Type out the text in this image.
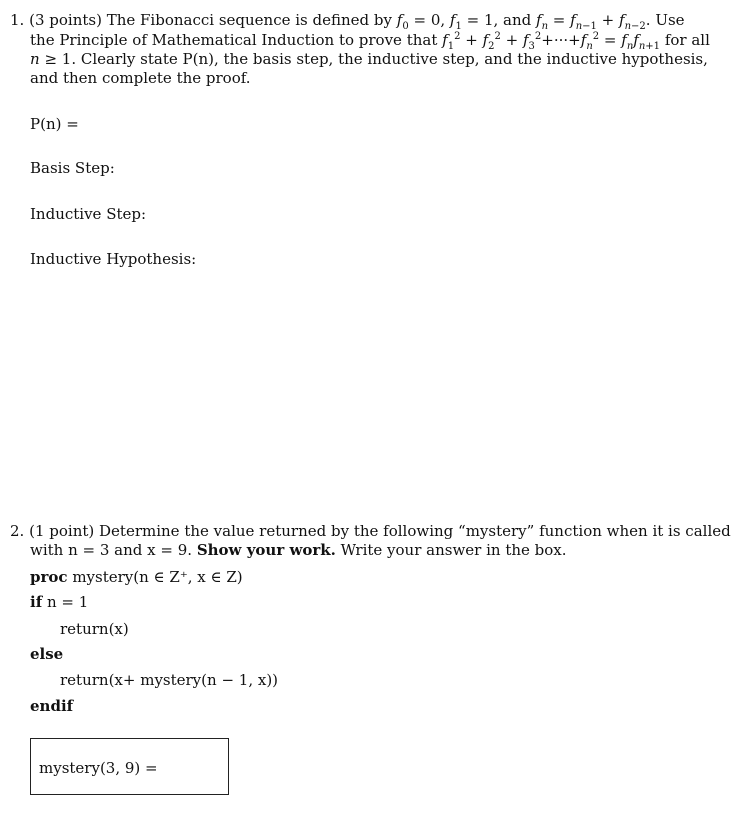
1. (3 points) The Fibonacci sequence is defined by $f_0 = 0$, $f_1 = 1$, and $f_n = f_{n-1} + f_{n-2}$. Use
the Principle of Mathematical Induction to prove that $f_1^2 + f_2^2 + f_3^2+\cdot\cdot\cdot+f_n^2 = f_nf_{n+1}$ for all
n ≥ 1. Clearly state P(n), the basis step, the inductive step, and the inductive hypothesis,
and then complete the proof.
P(n) =
Basis Step:
Inductive Step:
Inductive Hypothesis:
2. (1 point) Determine the value returned by the following “mystery” function when it is called
with n = 3 and x = 9. Show your work. Write your answer in the box.
proc mystery(n ∈ Z⁺, x ∈ Z)
if n = 1
return(x)
else
return(x+ mystery(n − 1, x))
endif
mystery(3, 9) =
